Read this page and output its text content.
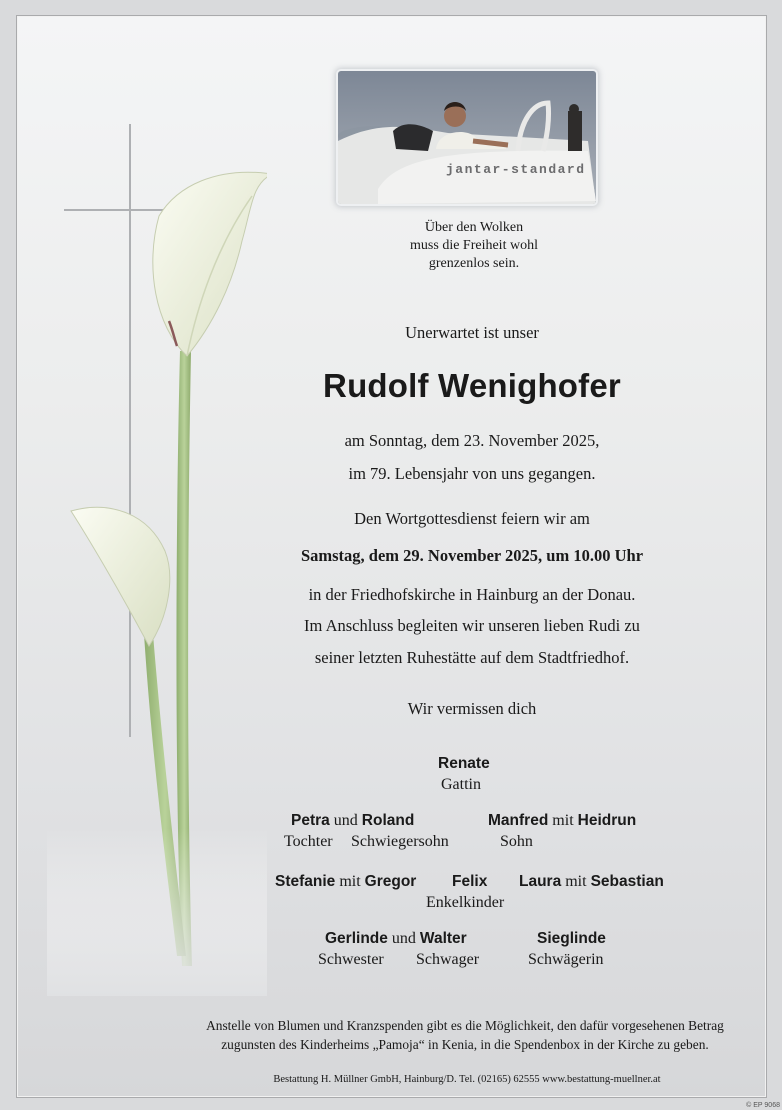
jantar-standard
Über den Wolken
muss die Freiheit wohl
grenzenlos sein.
Unerwartet ist unser
Rudolf Wenighofer
am Sonntag, dem 23. November 2025,
im 79. Lebensjahr von uns gegangen.
Den Wortgottesdienst feiern wir am
Samstag, dem 29. November 2025, um 10.00 Uhr
in der Friedhofskirche in Hainburg an der Donau.
Im Anschluss begleiten wir unseren lieben Rudi zu
seiner letzten Ruhestätte auf dem Stadtfriedhof.
Wir vermissen dich
Renate
Gattin
Petra und Roland
Tochter Schwiegersohn
Manfred mit Heidrun
Sohn
Stefanie mit Gregor Felix Laura mit Sebastian
Enkelkinder
Gerlinde und Walter
Schwester Schwager
Sieglinde
Schwägerin
Anstelle von Blumen und Kranzspenden gibt es die Möglichkeit, den dafür vorgesehenen Betrag
zugunsten des Kinderheims „Pamoja“ in Kenia, in die Spendenbox in der Kirche zu geben.
Bestattung H. Müllner GmbH, Hainburg/D. Tel. (02165) 62555 www.bestattung-muellner.at
© EP 9068
